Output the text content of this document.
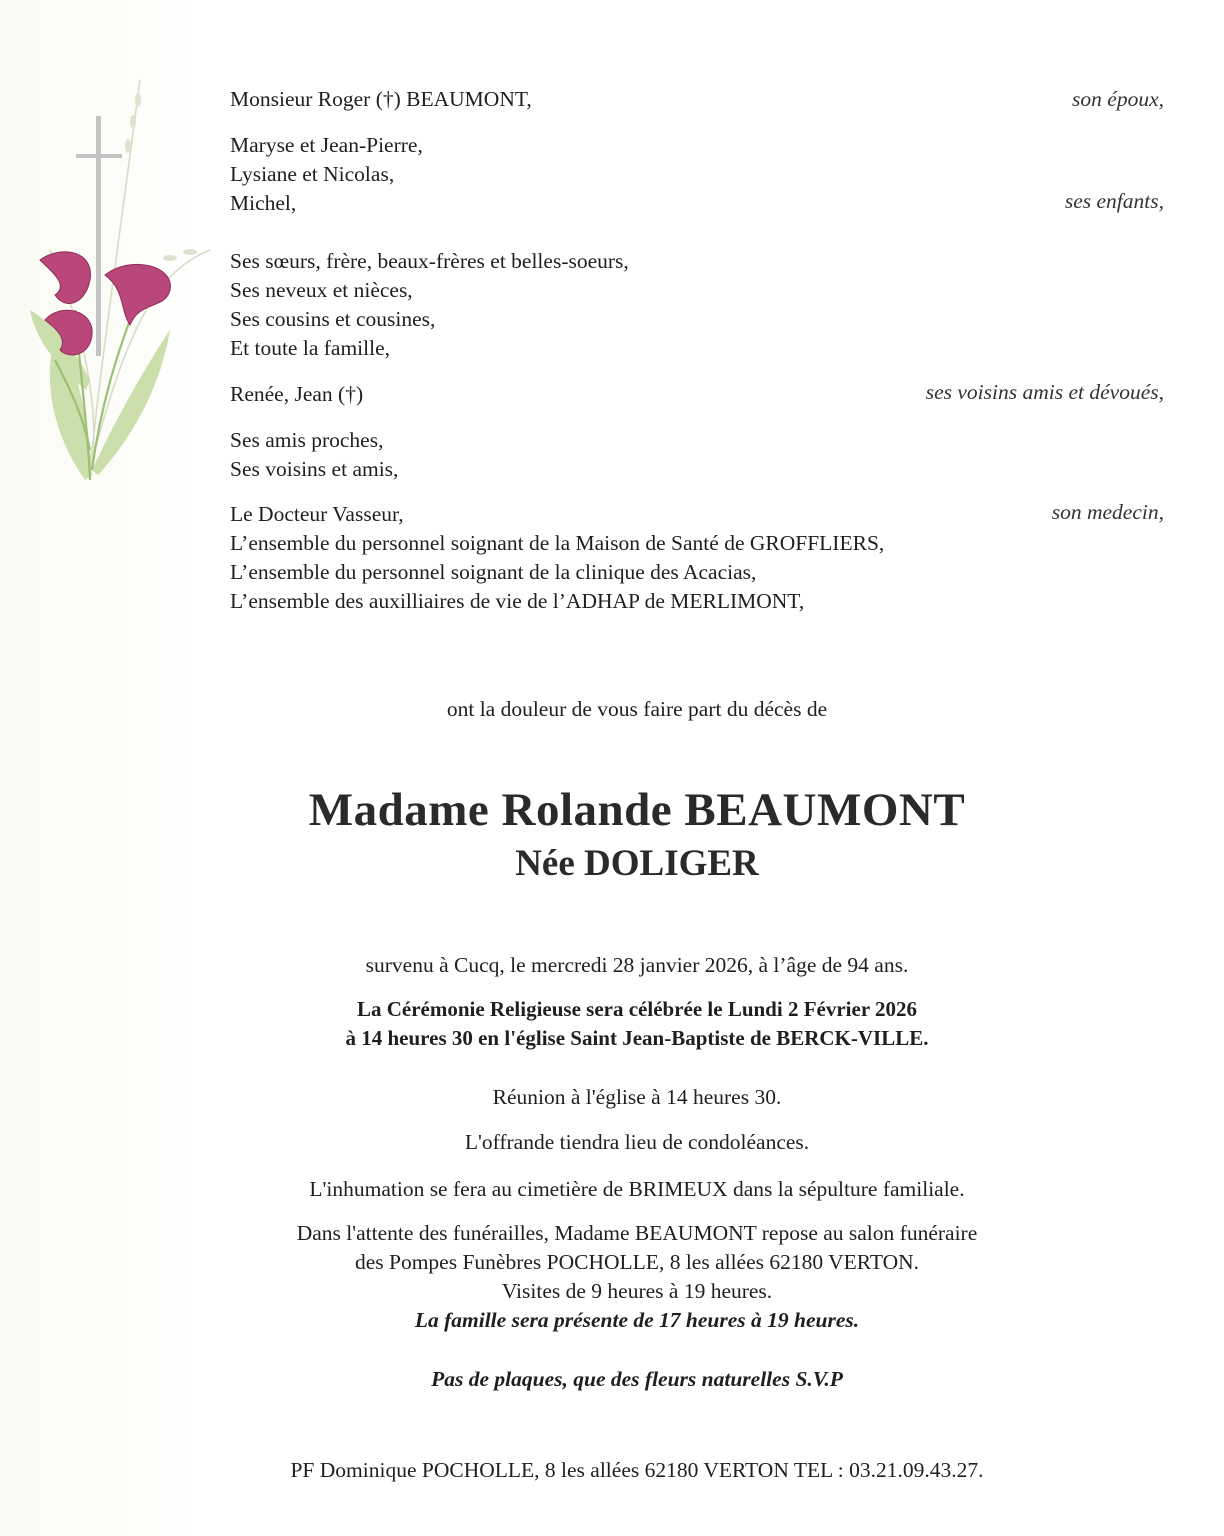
Monsieur Roger (†) BEAUMONT,	son époux,
Maryse et Jean-Pierre,
Lysiane et Nicolas,
Michel,	ses enfants,
Ses sœurs, frère, beaux-frères et belles-soeurs,
Ses neveux et nièces,
Ses cousins et cousines,
Et toute la famille,
Renée, Jean (†)	ses voisins amis et dévoués,
Ses amis proches,
Ses voisins et amis,
Le Docteur Vasseur,	son medecin,
L’ensemble du personnel soignant de la Maison de Santé de GROFFLIERS,
L’ensemble du personnel soignant de la clinique des Acacias,
L’ensemble des auxilliaires de vie de l’ADHAP de MERLIMONT,
ont la douleur de vous faire part du décès de
Madame Rolande BEAUMONT
Née DOLIGER
survenu à Cucq, le mercredi 28 janvier 2026, à l’âge de 94 ans.
La Cérémonie Religieuse sera célébrée le Lundi 2 Février 2026
à 14 heures 30 en l'église Saint Jean-Baptiste de BERCK-VILLE.
Réunion à l'église à 14 heures 30.
L'offrande tiendra lieu de condoléances.
L'inhumation se fera au cimetière de BRIMEUX dans la sépulture familiale.
Dans l'attente des funérailles, Madame BEAUMONT repose au salon funéraire
des Pompes Funèbres POCHOLLE, 8 les allées 62180 VERTON.
Visites de 9 heures à 19 heures.
La famille sera présente de 17 heures à 19 heures.
Pas de plaques, que des fleurs naturelles S.V.P
PF Dominique POCHOLLE, 8 les allées 62180 VERTON TEL : 03.21.09.43.27.
